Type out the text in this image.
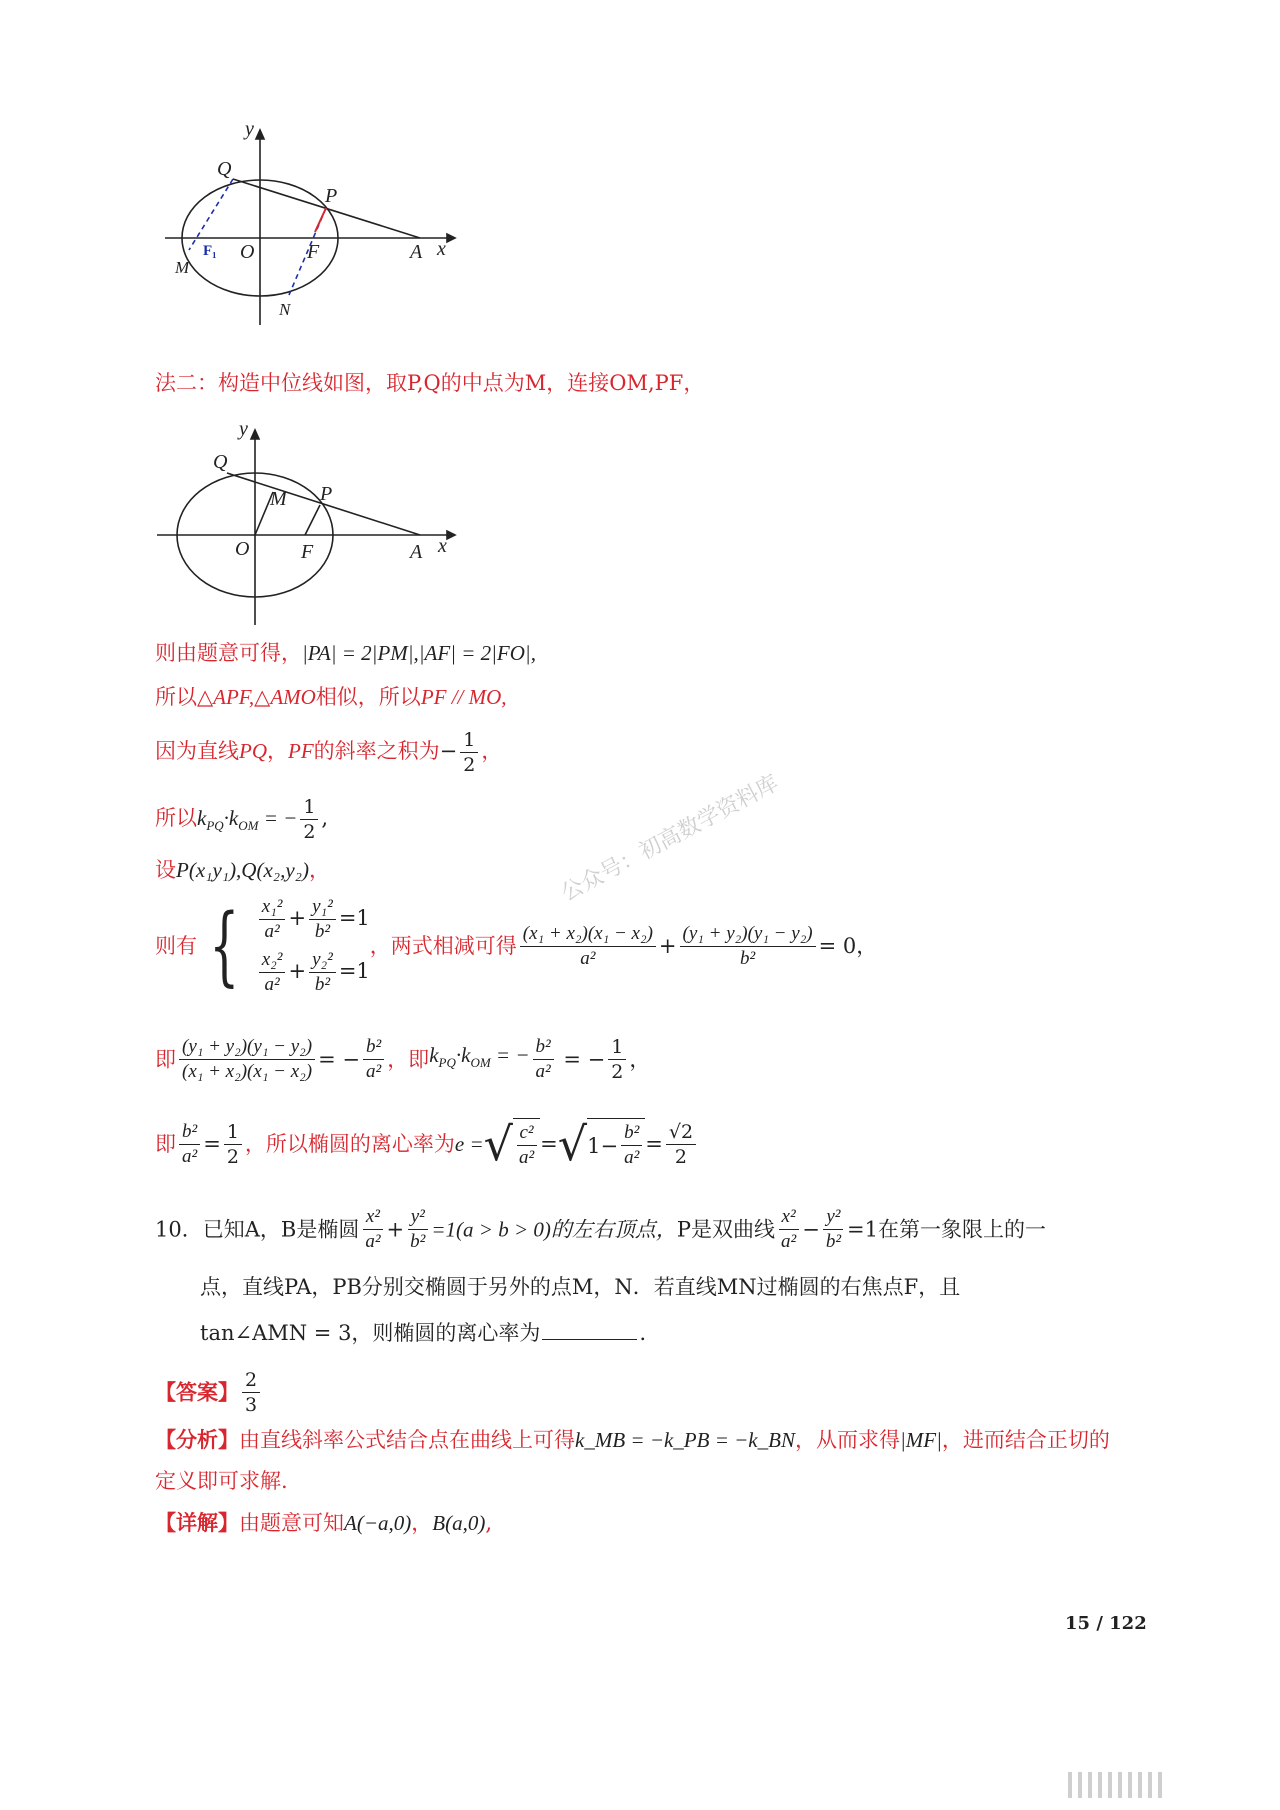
y
Q
P
O	F	A x
M
N
F₁
法二：构造中位线如图，取P,Q的中点为M，连接OM,PF，
y
Q
M P
O	F	A x
则由题意可得，|PA| = 2|PM|,|AF| = 2|FO|,
所以△APF,△AMO相似，所以PF // MO,
因为直线PQ，PF的斜率之积为− $\frac{1}{2}$ ，
所以$k_{PQ}\cdot k_{OM}$ = − $\frac{1}{2}$ ,
设P(x₁y₁),Q(x₂,y₂)，
则有 { $\frac{\text{x₁²}}{\text{a²}} + \frac{\text{y₁²}}{\text{b²}} =1$
$\frac{\text{x₂²}}{\text{a²}} + \frac{\text{y₂²}}{\text{b²}} =1$
，两式相减可得 $\frac{\text{(x₁ + x₂)(x₁ − x₂)}}{\text{a²}} + \frac{\text{(y₁ + y₂)(y₁ − y₂)}}{\text{b²}} = 0$，
即 $\frac{\text{(y₁ + y₂)(y₁ − y₂)}}{\text{(x₁ + x₂)(x₁ − x₂)}}$ = − $\frac{\text{b²}}{\text{a²}}$ ，即$k_{PQ}\cdot k_{OM}$ = − $\frac{\text{b²}}{\text{a²}}$ = − $\frac{1}{2}$ ，
即 $\frac{\text{b²}}{\text{a²}} = \frac{1}{2}$ ，所以椭圆的离心率为e = √ $\frac{\text{c²}}{\text{a²}}$ = √ $1- \frac{\text{b²}}{\text{a²}} = \frac{√2}{2}$
10．已知A，B是椭圆 $\frac{\text{x²}}{\text{a²}} + \frac{\text{y²}}{\text{b²}} =1(a > b > 0)$的左右顶点，P是双曲线 $\frac{\text{x²}}{\text{a²}} - \frac{\text{y²}}{\text{b²}} =1$在第一象限上的一
点，直线PA，PB分别交椭圆于另外的点M，N．若直线MN过椭圆的右焦点F，且
tan∠AMN = 3，则椭圆的离心率为	．
【答案】 $\frac{2}{3}$
【分析】由直线斜率公式结合点在曲线上可得k_MB = −k_PB = −k_BN，从而求得|MF|，进而结合正切的
定义即可求解.
【详解】由题意可知A(−a,0)，B(a,0),
15 / 122
公众号：初高数学资料库
